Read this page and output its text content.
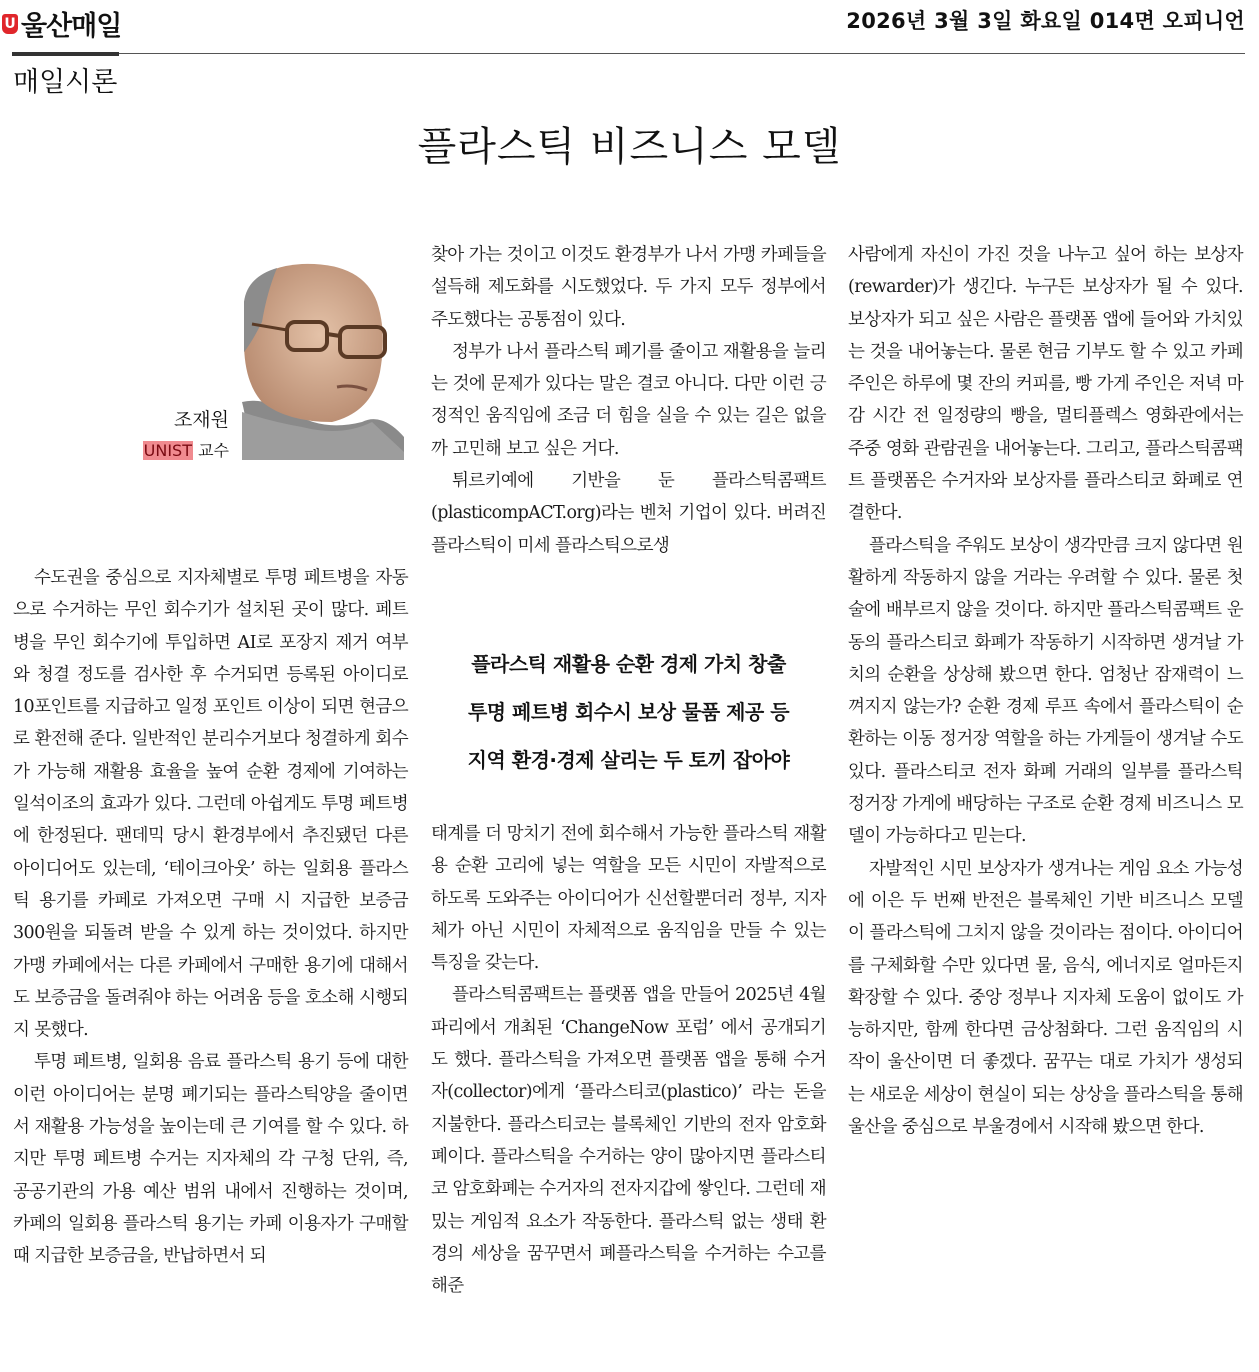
U 울산매일	2026년 3월 3일 화요일 014면 오피니언
매일시론
플라스틱 비즈니스 모델
조재원
UNIST 교수

수도권을 중심으로 지자체별로 투명 페트병을 자동으로 수거하는 무인 회수기가 설치된 곳이 많다. 페트병을 무인 회수기에 투입하면 AI로 포장지 제거 여부와 청결 정도를 검사한 후 수거되면 등록된 아이디로 10포인트를 지급하고 일정 포인트 이상이 되면 현금으로 환전해 준다. 일반적인 분리수거보다 청결하게 회수가 가능해 재활용 효율을 높여 순환 경제에 기여하는 일석이조의 효과가 있다. 그런데 아쉽게도 투명 페트병에 한정된다. 팬데믹 당시 환경부에서 추진됐던 다른 아이디어도 있는데, ‘테이크아웃’ 하는 일회용 플라스틱 용기를 카페로 가져오면 구매 시 지급한 보증금 300원을 되돌려 받을 수 있게 하는 것이었다. 하지만 가맹 카페에서는 다른 카페에서 구매한 용기에 대해서도 보증금을 돌려줘야 하는 어려움 등을 호소해 시행되지 못했다.

투명 페트병, 일회용 음료 플라스틱 용기 등에 대한 이런 아이디어는 분명 폐기되는 플라스틱양을 줄이면서 재활용 가능성을 높이는데 큰 기여를 할 수 있다. 하지만 투명 페트병 수거는 지자체의 각 구청 단위, 즉, 공공기관의 가용 예산 범위 내에서 진행하는 것이며, 카페의 일회용 플라스틱 용기는 카페 이용자가 구매할 때 지급한 보증금을, 반납하면서 되

찾아 가는 것이고 이것도 환경부가 나서 가맹 카페들을 설득해 제도화를 시도했었다. 두 가지 모두 정부에서 주도했다는 공통점이 있다.

정부가 나서 플라스틱 폐기를 줄이고 재활용을 늘리는 것에 문제가 있다는 말은 결코 아니다. 다만 이런 긍정적인 움직임에 조금 더 힘을 실을 수 있는 길은 없을까 고민해 보고 싶은 거다.

튀르키예에 기반을 둔 플라스틱콤팩트 (plasticompACT.org)라는 벤처 기업이 있다. 버려진 플라스틱이 미세 플라스틱으로생

플라스틱 재활용 순환 경제 가치 창출
투명 페트병 회수시 보상 물품 제공 등
지역 환경·경제 살리는 두 토끼 잡아야

태계를 더 망치기 전에 회수해서 가능한 플라스틱 재활용 순환 고리에 넣는 역할을 모든 시민이 자발적으로 하도록 도와주는 아이디어가 신선할뿐더러 정부, 지자체가 아닌 시민이 자체적으로 움직임을 만들 수 있는 특징을 갖는다.

플라스틱콤팩트는 플랫폼 앱을 만들어 2025년 4월 파리에서 개최된 ‘ChangeNow 포럼’ 에서 공개되기도 했다. 플라스틱을 가져오면 플랫폼 앱을 통해 수거자(collector)에게 ‘플라스티코(plastico)’ 라는 돈을 지불한다. 플라스티코는 블록체인 기반의 전자 암호화폐이다. 플라스틱을 수거하는 양이 많아지면 플라스티코 암호화폐는 수거자의 전자지갑에 쌓인다. 그런데 재밌는 게임적 요소가 작동한다. 플라스틱 없는 생태 환경의 세상을 꿈꾸면서 폐플라스틱을 수거하는 수고를 해준

사람에게 자신이 가진 것을 나누고 싶어 하는 보상자(rewarder)가 생긴다. 누구든 보상자가 될 수 있다. 보상자가 되고 싶은 사람은 플랫폼 앱에 들어와 가치있는 것을 내어놓는다. 물론 현금 기부도 할 수 있고 카페 주인은 하루에 몇 잔의 커피를, 빵 가게 주인은 저녁 마감 시간 전 일정량의 빵을, 멀티플렉스 영화관에서는 주중 영화 관람권을 내어놓는다. 그리고, 플라스틱콤팩트 플랫폼은 수거자와 보상자를 플라스티코 화폐로 연결한다.

플라스틱을 주워도 보상이 생각만큼 크지 않다면 원활하게 작동하지 않을 거라는 우려할 수 있다. 물론 첫술에 배부르지 않을 것이다. 하지만 플라스틱콤팩트 운동의 플라스티코 화폐가 작동하기 시작하면 생겨날 가치의 순환을 상상해 봤으면 한다. 엄청난 잠재력이 느껴지지 않는가? 순환 경제 루프 속에서 플라스틱이 순환하는 이동 정거장 역할을 하는 가게들이 생겨날 수도 있다. 플라스티코 전자 화폐 거래의 일부를 플라스틱 정거장 가게에 배당하는 구조로 순환 경제 비즈니스 모델이 가능하다고 믿는다.

자발적인 시민 보상자가 생겨나는 게임 요소 가능성에 이은 두 번째 반전은 블록체인 기반 비즈니스 모델이 플라스틱에 그치지 않을 것이라는 점이다. 아이디어를 구체화할 수만 있다면 물, 음식, 에너지로 얼마든지 확장할 수 있다. 중앙 정부나 지자체 도움이 없이도 가능하지만, 함께 한다면 금상첨화다. 그런 움직임의 시작이 울산이면 더 좋겠다. 꿈꾸는 대로 가치가 생성되는 새로운 세상이 현실이 되는 상상을 플라스틱을 통해 울산을 중심으로 부울경에서 시작해 봤으면 한다.
